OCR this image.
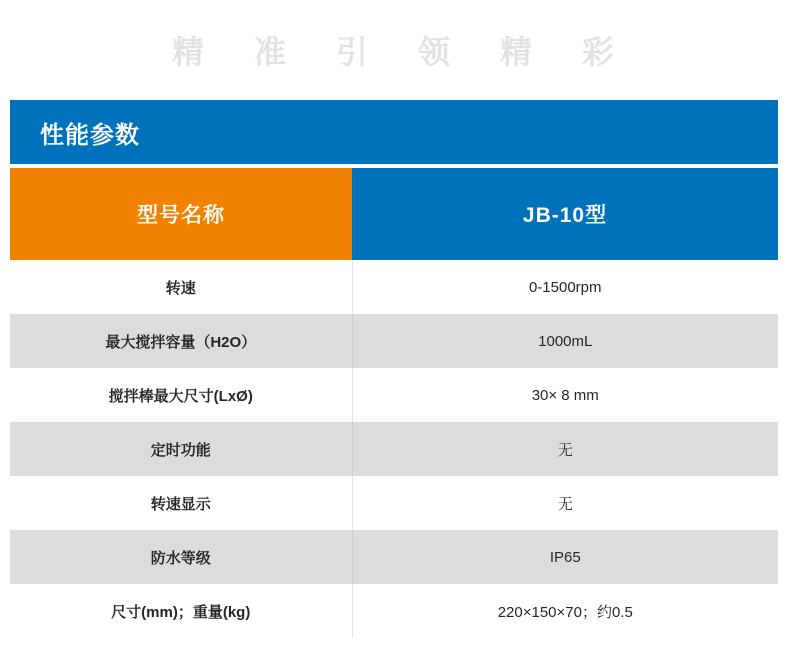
精 准 引 领 精 彩
性能参数
型号名称	JB-10型
转速	0-1500rpm
最大搅拌容量（H2O）	1000mL
搅拌棒最大尺寸(LxØ)	30× 8 mm
定时功能	无
转速显示	无
防水等级	IP65
尺寸(mm)；重量(kg)	220×150×70；约0.5
